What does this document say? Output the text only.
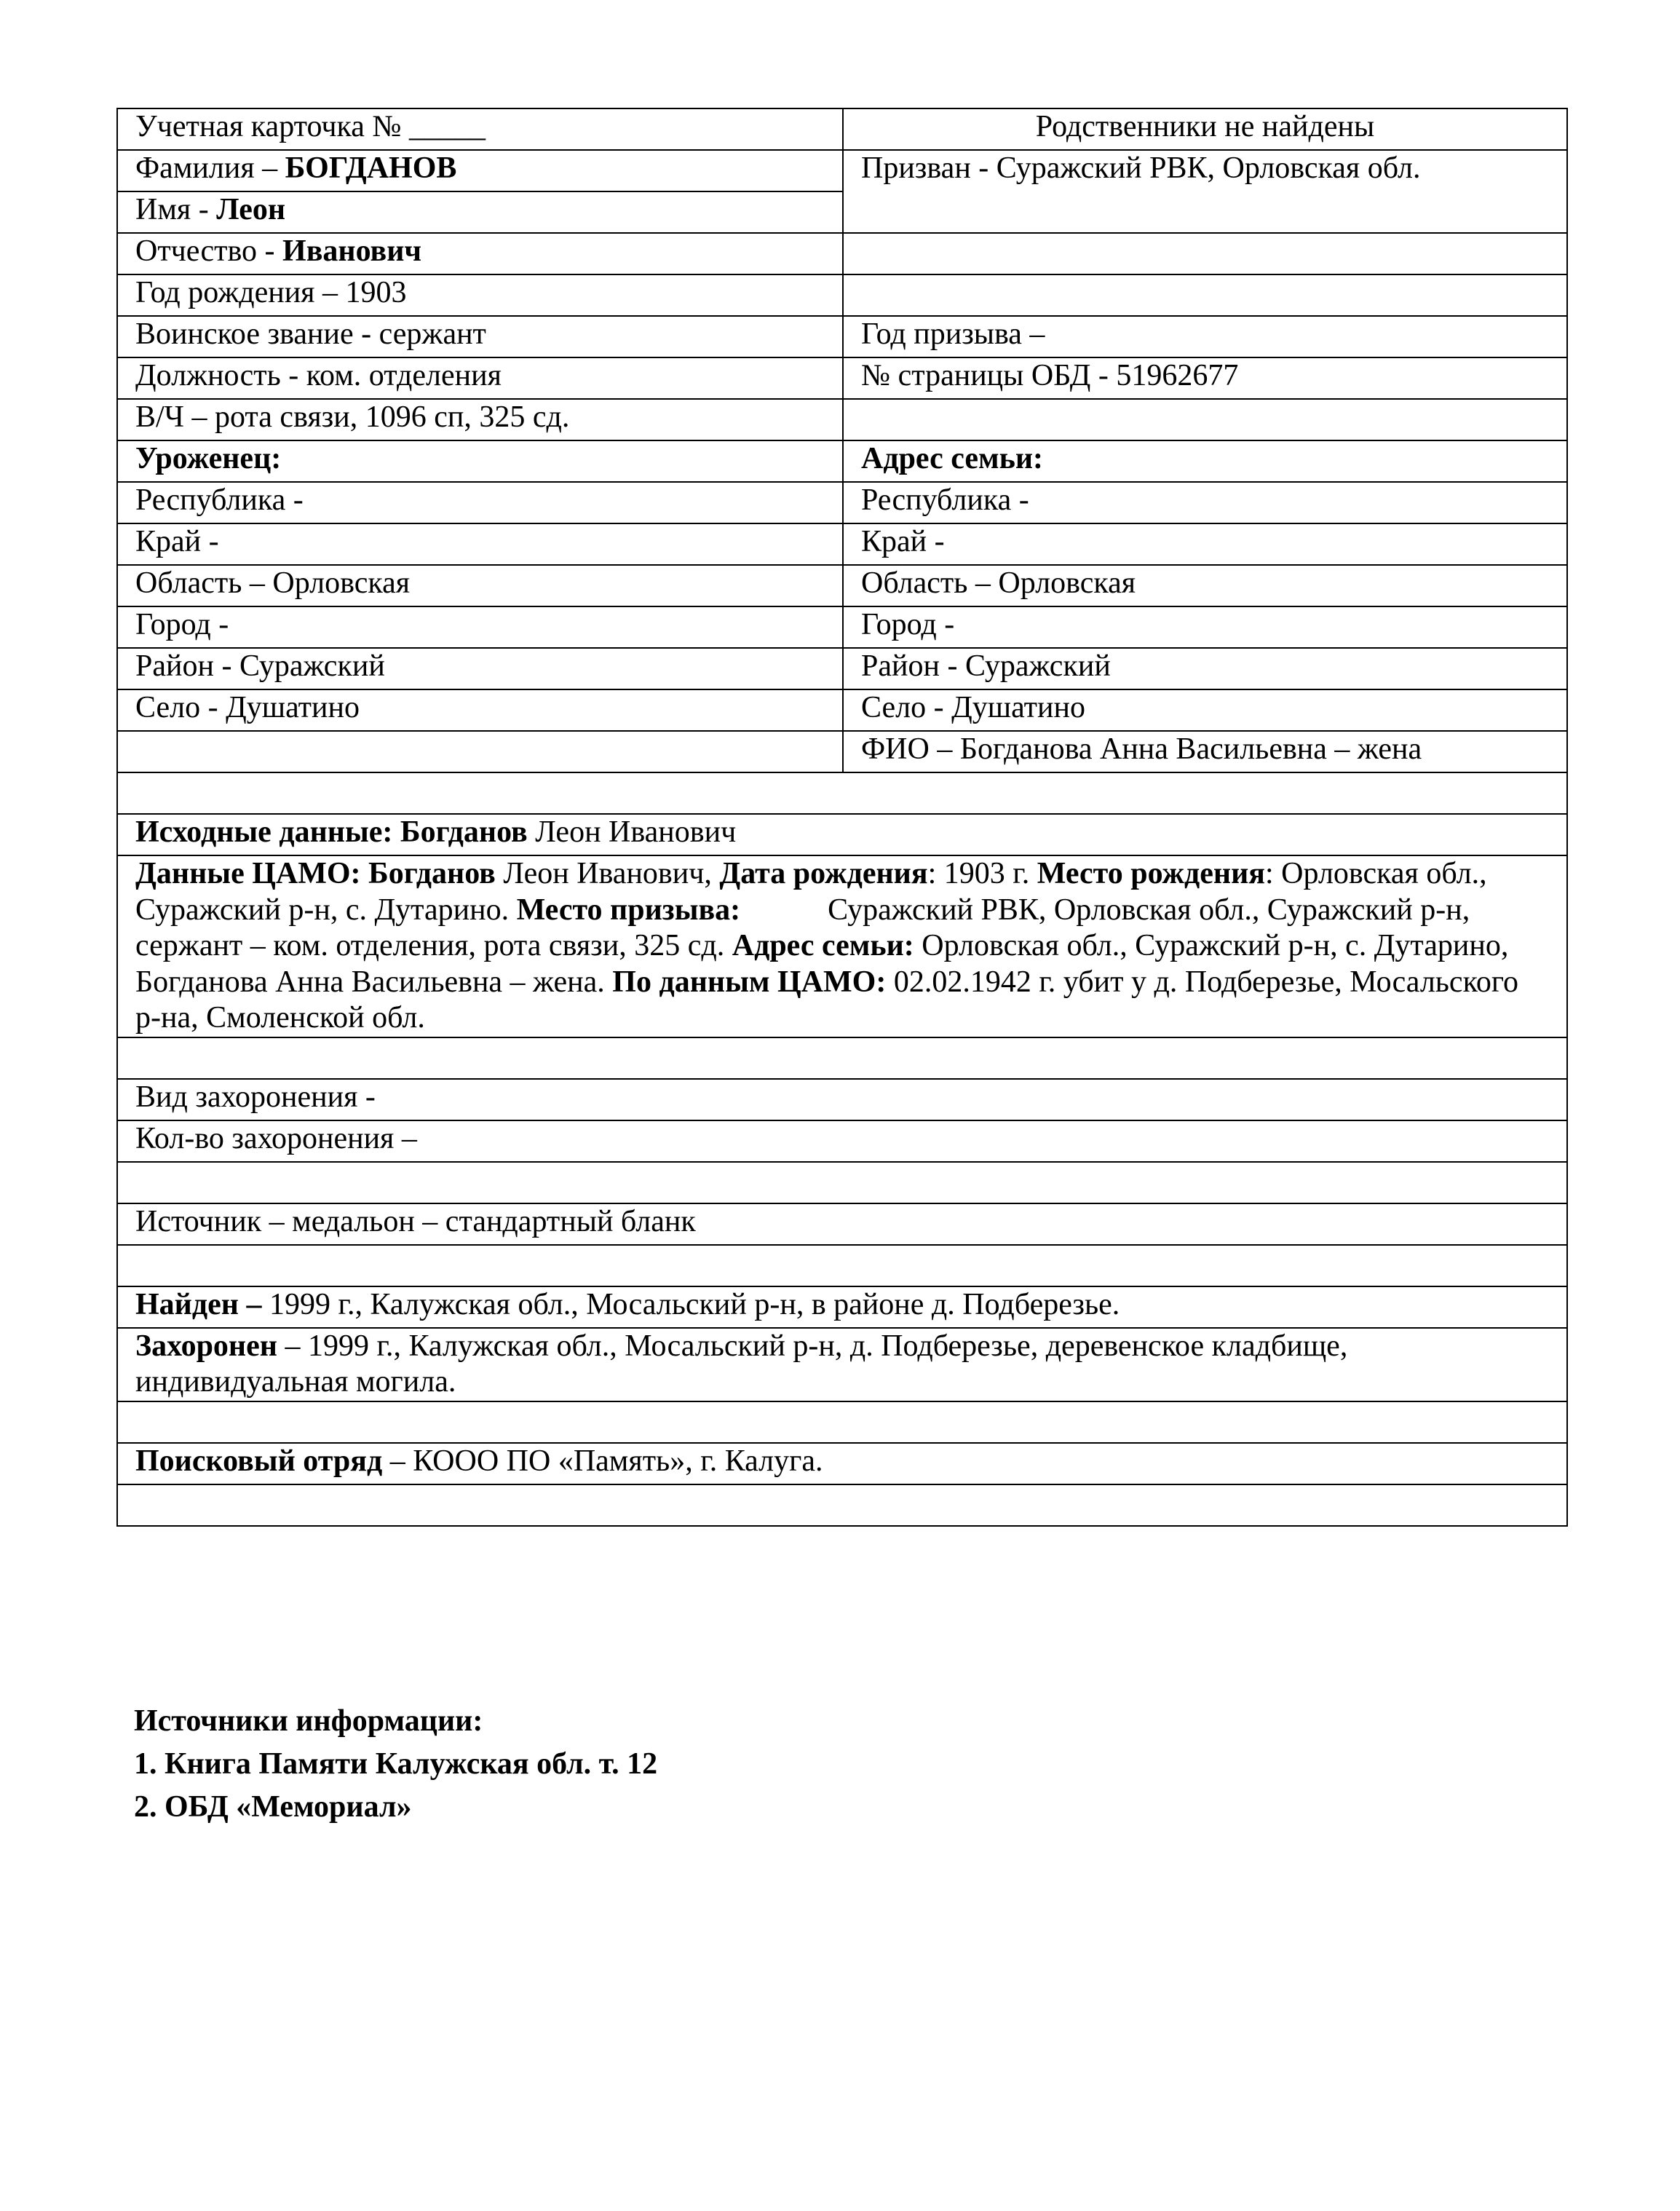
Учетная карточка № _____	Родственники не найдены
Фамилия – БОГДАНОВ	Призван - Суражский РВК, Орловская обл.
Имя - Леон	
Отчество - Иванович	
Год рождения – 1903	
Воинское звание - сержант	Год призыва –
Должность - ком. отделения	№ страницы ОБД - 51962677
В/Ч – рота связи, 1096 сп, 325 сд.	
Уроженец:	Адрес семьи:
Республика -	Республика -
Край -	Край -
Область – Орловская	Область – Орловская
Город -	Город -
Район - Суражский	Район - Суражский
Село - Душатино	Село - Душатино
	ФИО – Богданова Анна Васильевна – жена

Исходные данные: Богданов Леон Иванович	
Данные ЦАМО: Богданов Леон Иванович, Дата рождения: 1903 г. Место рождения: Орловская обл., Суражский р-н, с. Дутарино. Место призыва: Суражский РВК, Орловская обл., Суражский р-н, сержант – ком. отделения, рота связи, 325 сд. Адрес семьи: Орловская обл., Суражский р-н, с. Дутарино, Богданова Анна Васильевна – жена. По данным ЦАМО: 02.02.1942 г. убит у д. Подберезье, Мосальского р-на, Смоленской обл.	

Вид захоронения -	
Кол-во захоронения –	

Источник – медальон – стандартный бланк	

Найден – 1999 г., Калужская обл., Мосальский р-н, в районе д. Подберезье.	
Захоронен – 1999 г., Калужская обл., Мосальский р-н, д. Подберезье, деревенское кладбище, индивидуальная могила.	

Поисковый отряд – КООО ПО «Память», г. Калуга.	

Источники информации:
1. Книга Памяти Калужская обл. т. 12
2. ОБД «Мемориал»
